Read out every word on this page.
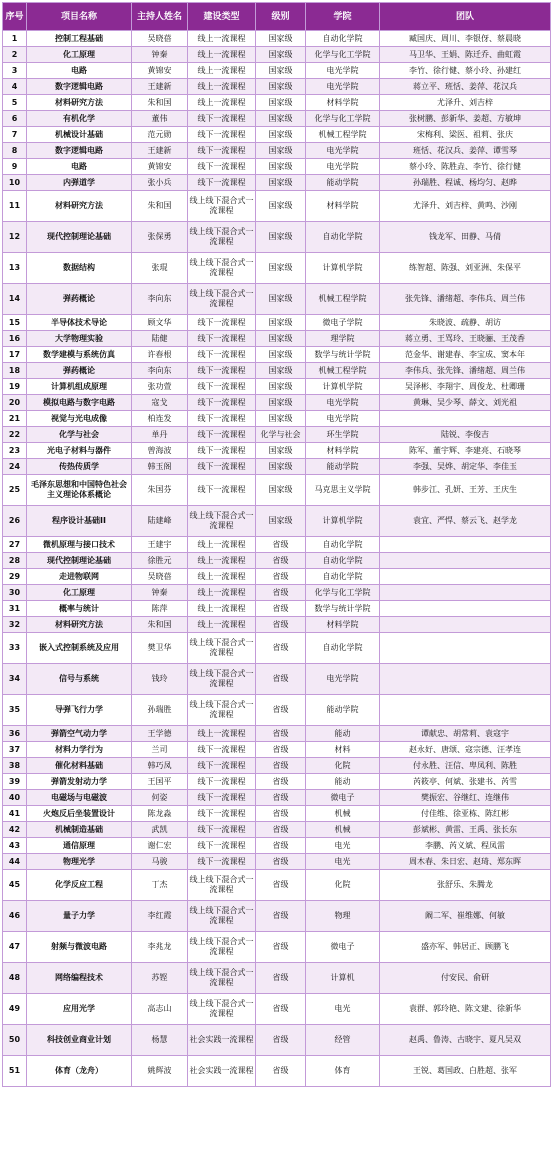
序号	项目名称	主持人姓名	建设类型	级别	学院	团队
1	控制工程基础	吴晓蓓	线上一流课程	国家级	自动化学院	臧国庆、周川、李银伢、蔡晨晓
2	化工原理	钟秦	线上一流课程	国家级	化学与化工学院	马卫华、王娟、陈迁乔、曲虹霞
3	电路	黄锦安	线上一流课程	国家级	电光学院	李竹、徐行健、蔡小玲、孙建红
4	数字逻辑电路	王建新	线上一流课程	国家级	电光学院	蒋立平、班恬、姜萍、花汉兵
5	材料研究方法	朱和国	线上一流课程	国家级	材料学院	尤泽升、刘吉梓
6	有机化学	董伟	线下一流课程	国家级	化学与化工学院	张树鹏、彭新华、姜超、方敏坤
7	机械设计基础	范元勋	线下一流课程	国家级	机械工程学院	宋梅利、梁医、祖莉、张庆
8	数字逻辑电路	王建新	线下一流课程	国家级	电光学院	班恬、花汉兵、姜萍、谭雪琴
9	电路	黄锦安	线下一流课程	国家级	电光学院	蔡小玲、陈胜垚、李竹、徐行健
10	内弹道学	张小兵	线下一流课程	国家级	能动学院	孙瑞胜、程诚、杨均匀、赵晔
11	材料研究方法	朱和国	线上线下混合式一流课程	国家级	材料学院	尤泽升、刘吉梓、黄鸣、沙刚
12	现代控制理论基础	张保勇	线上线下混合式一流课程	国家级	自动化学院	钱龙军、田静、马倩
13	数据结构	张琨	线上线下混合式一流课程	国家级	计算机学院	练智超、陈强、刘亚洲、朱保平
14	弹药概论	李向东	线上线下混合式一流课程	国家级	机械工程学院	张先锋、潘绪超、李伟兵、周兰伟
15	半导体技术导论	顾文华	线下一流课程	国家级	微电子学院	朱晓波、疏静、胡访
16	大学物理实验	陆健	线下一流课程	国家级	理学院	蒋立勇、王骂玲、王晓骊、王茂香
17	数学建模与系统仿真	许春根	线下一流课程	国家级	数学与统计学院	范金华、谢建春、李宝成、窦本年
18	弹药概论	李向东	线下一流课程	国家级	机械工程学院	李伟兵、张先锋、潘绪超、周兰伟
19	计算机组成原理	张功萱	线下一流课程	国家级	计算机学院	吴泽彬、李翔宇、周俊龙、杜卿珊
20	模拟电路与数字电路	寇戈	线下一流课程	国家级	电光学院	黄琳、吴少琴、薛文、刘光祖
21	视觉与光电成像	柏连发	线下一流课程	国家级	电光学院	
22	化学与社会	单丹	线下一流课程	化学与社会	环生学院	陆锐、李俊吉
23	光电子材料与器件	曾海波	线下一流课程	国家级	材料学院	陈军、董宇辉、李建亮、石晓琴
24	传热传质学	韩玉阁	线下一流课程	国家级	能动学院	李强、吴烨、胡定华、李佳玉
25	毛泽东思想和中国特色社会主义理论体系概论	朱国芬	线下一流课程	国家级	马克思主义学院	韩步江、孔妍、王芳、王庆生
26	程序设计基础II	陆建峰	线上线下混合式一流课程	国家级	计算机学院	袁宜、严悍、蔡云飞、赵学龙
27	微机原理与接口技术	王建宇	线上一流课程	省级	自动化学院	
28	现代控制理论基础	徐胜元	线上一流课程	省级	自动化学院	
29	走进物联网	吴晓蓓	线上一流课程	省级	自动化学院	
30	化工原理	钟秦	线上一流课程	省级	化学与化工学院	
31	概率与统计	陈萍	线上一流课程	省级	数学与统计学院	
32	材料研究方法	朱和国	线上一流课程	省级	材料学院	
33	嵌入式控制系统及应用	樊卫华	线上线下混合式一流课程	省级	自动化学院	
34	信号与系统	钱玲	线上线下混合式一流课程	省级	电光学院	
35	导弹飞行力学	孙瑞胜	线上线下混合式一流课程	省级	能动学院	
36	弹箭空气动力学	王学德	线上一流课程	省级	能动	谭献忠、胡常莉、袁寇宇
37	材料力学行为	兰司	线下一流课程	省级	材料	赵永好、唐颂、寇宗德、汪孝连
38	催化材料基础	韩巧凤	线下一流课程	省级	化院	付永胜、汪信、卑凤利、陈胜
39	弹箭发射动力学	王国平	线下一流课程	省级	能动	芮筱亭、何斌、张建书、芮雪
40	电磁场与电磁波	何姿	线下一流课程	省级	微电子	樊振宏、谷继红、连继伟
41	火炮反后坐装置设计	陈龙淼	线下一流课程	省级	机械	付佳维、徐亚栋、陈红彬
42	机械制造基础	武凯	线下一流课程	省级	机械	彭斌彬、黄雷、王禹、张长东
43	通信原理	谢仁宏	线下一流课程	省级	电光	李鹏、芮义斌、程凤雷
44	物理光学	马骏	线下一流课程	省级	电光	周木春、朱日宏、赵琦、郑东晖
45	化学反应工程	丁杰	线上线下混合式一流课程	省级	化院	张舒乐、朱腾龙
46	量子力学	李红霞	线上线下混合式一流课程	省级	物理	阚二军、崔维娜、何敏
47	射频与微波电路	李兆龙	线上线下混合式一流课程	省级	微电子	盛亦军、韩居正、顾鹏飞
48	网络编程技术	苏铿	线上线下混合式一流课程	省级	计算机	付安民、俞研
49	应用光学	高志山	线上线下混合式一流课程	省级	电光	袁群、郭玲艳、陈文建、徐新华
50	科技创业商业计划	杨慧	社会实践一流课程	省级	经管	赵禹、鲁涛、古晓宇、夏凡吴双
51	体育（龙舟）	姚辉波	社会实践一流课程	省级	体育	王锐、葛国政、白胜超、张军
